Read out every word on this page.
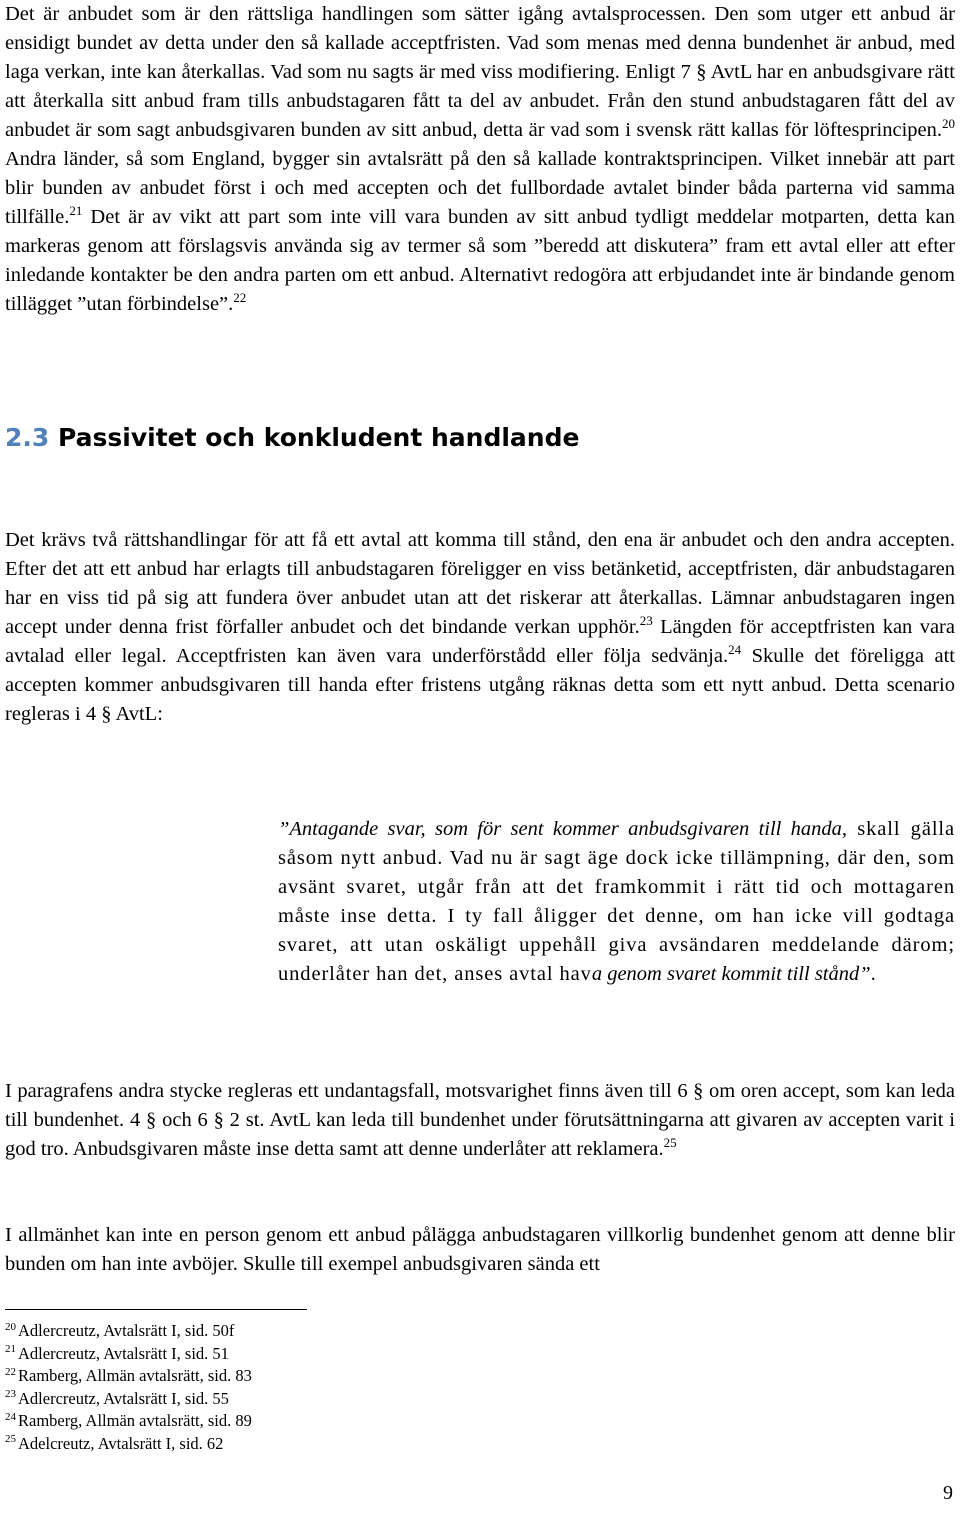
Det är anbudet som är den rättsliga handlingen som sätter igång avtalsprocessen. Den som utger ett anbud är ensidigt bundet av detta under den så kallade acceptfristen. Vad som menas med denna bundenhet är anbud, med laga verkan, inte kan återkallas. Vad som nu sagts är med viss modifiering. Enligt 7 § AvtL har en anbudsgivare rätt att återkalla sitt anbud fram tills anbudstagaren fått ta del av anbudet. Från den stund anbudstagaren fått del av anbudet är som sagt anbudsgivaren bunden av sitt anbud, detta är vad som i svensk rätt kallas för löftesprincipen.$^{20}$ Andra länder, så som England, bygger sin avtalsrätt på den så kallade kontraktsprincipen. Vilket innebär att part blir bunden av anbudet först i och med accepten och det fullbordade avtalet binder båda parterna vid samma tillfälle.$^{21}$ Det är av vikt att part som inte vill vara bunden av sitt anbud tydligt meddelar motparten, detta kan markeras genom att förslagsvis använda sig av termer så som ”beredd att diskutera” fram ett avtal eller att efter inledande kontakter be den andra parten om ett anbud. Alternativt redogöra att erbjudandet inte är bindande genom tillägget ”utan förbindelse”.$^{22}$

2.3 Passivitet och konkludent handlande

Det krävs två rättshandlingar för att få ett avtal att komma till stånd, den ena är anbudet och den andra accepten. Efter det att ett anbud har erlagts till anbudstagaren föreligger en viss betänketid, acceptfristen, där anbudstagaren har en viss tid på sig att fundera över anbudet utan att det riskerar att återkallas. Lämnar anbudstagaren ingen accept under denna frist förfaller anbudet och det bindande verkan upphör.$^{23}$ Längden för acceptfristen kan vara avtalad eller legal. Acceptfristen kan även vara underförstådd eller följa sedvänja.$^{24}$ Skulle det föreligga att accepten kommer anbudsgivaren till handa efter fristens utgång räknas detta som ett nytt anbud. Detta scenario regleras i 4 § AvtL:

”Antagande svar, som för sent kommer anbudsgivaren till handa, skall gälla såsom nytt anbud. Vad nu är sagt äge dock icke tillämpning, där den, som avsänt svaret, utgår från att det framkommit i rätt tid och mottagaren måste inse detta. I ty fall åligger det denne, om han icke vill godtaga svaret, att utan oskäligt uppehåll giva avsändaren meddelande därom; underlåter han det, anses avtal hava genom svaret kommit till stånd”.

I paragrafens andra stycke regleras ett undantagsfall, motsvarighet finns även till 6 § om oren accept, som kan leda till bundenhet. 4 § och 6 § 2 st. AvtL kan leda till bundenhet under förutsättningarna att givaren av accepten varit i god tro. Anbudsgivaren måste inse detta samt att denne underlåter att reklamera.$^{25}$

I allmänhet kan inte en person genom ett anbud pålägga anbudstagaren villkorlig bundenhet genom att denne blir bunden om han inte avböjer. Skulle till exempel anbudsgivaren sända ett

$^{20}$ Adlercreutz, Avtalsrätt I, sid. 50f
$^{21}$ Adlercreutz, Avtalsrätt I, sid. 51
$^{22}$ Ramberg, Allmän avtalsrätt, sid. 83
$^{23}$ Adlercreutz, Avtalsrätt I, sid. 55
$^{24}$ Ramberg, Allmän avtalsrätt, sid. 89
$^{25}$ Adelcreutz, Avtalsrätt I, sid. 62
9
